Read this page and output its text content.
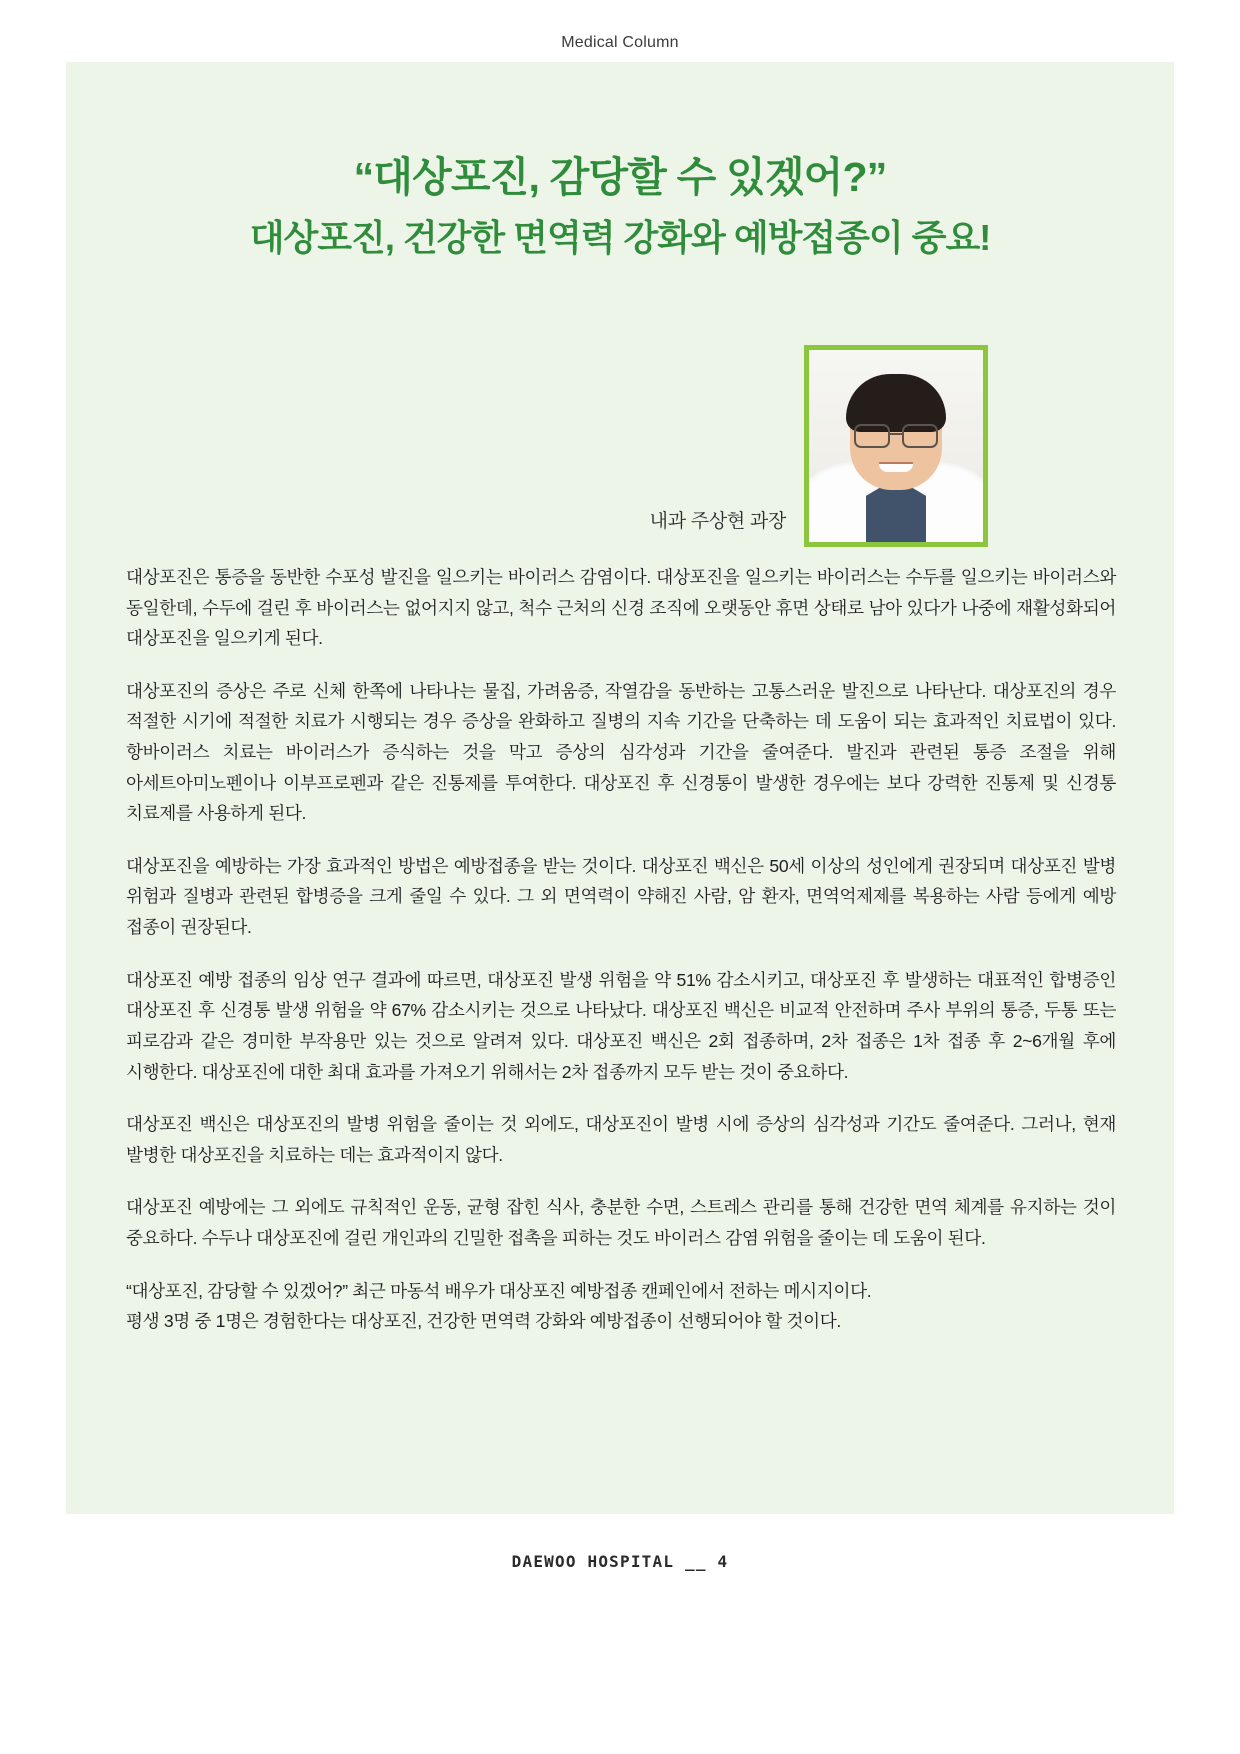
Medical Column
“대상포진, 감당할 수 있겠어?”
대상포진, 건강한 면역력 강화와 예방접종이 중요!
내과 주상현 과장

대상포진은 통증을 동반한 수포성 발진을 일으키는 바이러스 감염이다. 대상포진을 일으키는 바이러스는 수두를 일으키는 바이러스와 동일한데, 수두에 걸린 후 바이러스는 없어지지 않고, 척수 근처의 신경 조직에 오랫동안 휴면 상태로 남아 있다가 나중에 재활성화되어 대상포진을 일으키게 된다.

대상포진의 증상은 주로 신체 한쪽에 나타나는 물집, 가려움증, 작열감을 동반하는 고통스러운 발진으로 나타난다. 대상포진의 경우 적절한 시기에 적절한 치료가 시행되는 경우 증상을 완화하고 질병의 지속 기간을 단축하는 데 도움이 되는 효과적인 치료법이 있다. 항바이러스 치료는 바이러스가 증식하는 것을 막고 증상의 심각성과 기간을 줄여준다. 발진과 관련된 통증 조절을 위해 아세트아미노펜이나 이부프로펜과 같은 진통제를 투여한다. 대상포진 후 신경통이 발생한 경우에는 보다 강력한 진통제 및 신경통 치료제를 사용하게 된다.

대상포진을 예방하는 가장 효과적인 방법은 예방접종을 받는 것이다. 대상포진 백신은 50세 이상의 성인에게 권장되며 대상포진 발병 위험과 질병과 관련된 합병증을 크게 줄일 수 있다. 그 외 면역력이 약해진 사람, 암 환자, 면역억제제를 복용하는 사람 등에게 예방 접종이 권장된다.

대상포진 예방 접종의 임상 연구 결과에 따르면, 대상포진 발생 위험을 약 51% 감소시키고, 대상포진 후 발생하는 대표적인 합병증인 대상포진 후 신경통 발생 위험을 약 67% 감소시키는 것으로 나타났다. 대상포진 백신은 비교적 안전하며 주사 부위의 통증, 두통 또는 피로감과 같은 경미한 부작용만 있는 것으로 알려져 있다. 대상포진 백신은 2회 접종하며, 2차 접종은 1차 접종 후 2~6개월 후에 시행한다. 대상포진에 대한 최대 효과를 가져오기 위해서는 2차 접종까지 모두 받는 것이 중요하다.

대상포진 백신은 대상포진의 발병 위험을 줄이는 것 외에도, 대상포진이 발병 시에 증상의 심각성과 기간도 줄여준다. 그러나, 현재 발병한 대상포진을 치료하는 데는 효과적이지 않다.

대상포진 예방에는 그 외에도 규칙적인 운동, 균형 잡힌 식사, 충분한 수면, 스트레스 관리를 통해 건강한 면역 체계를 유지하는 것이 중요하다. 수두나 대상포진에 걸린 개인과의 긴밀한 접촉을 피하는 것도 바이러스 감염 위험을 줄이는 데 도움이 된다.

“대상포진, 감당할 수 있겠어?” 최근 마동석 배우가 대상포진 예방접종 캔페인에서 전하는 메시지이다.
평생 3명 중 1명은 경험한다는 대상포진, 건강한 면역력 강화와 예방접종이 선행되어야 할 것이다.

DAEWOO HOSPITAL __ 4
